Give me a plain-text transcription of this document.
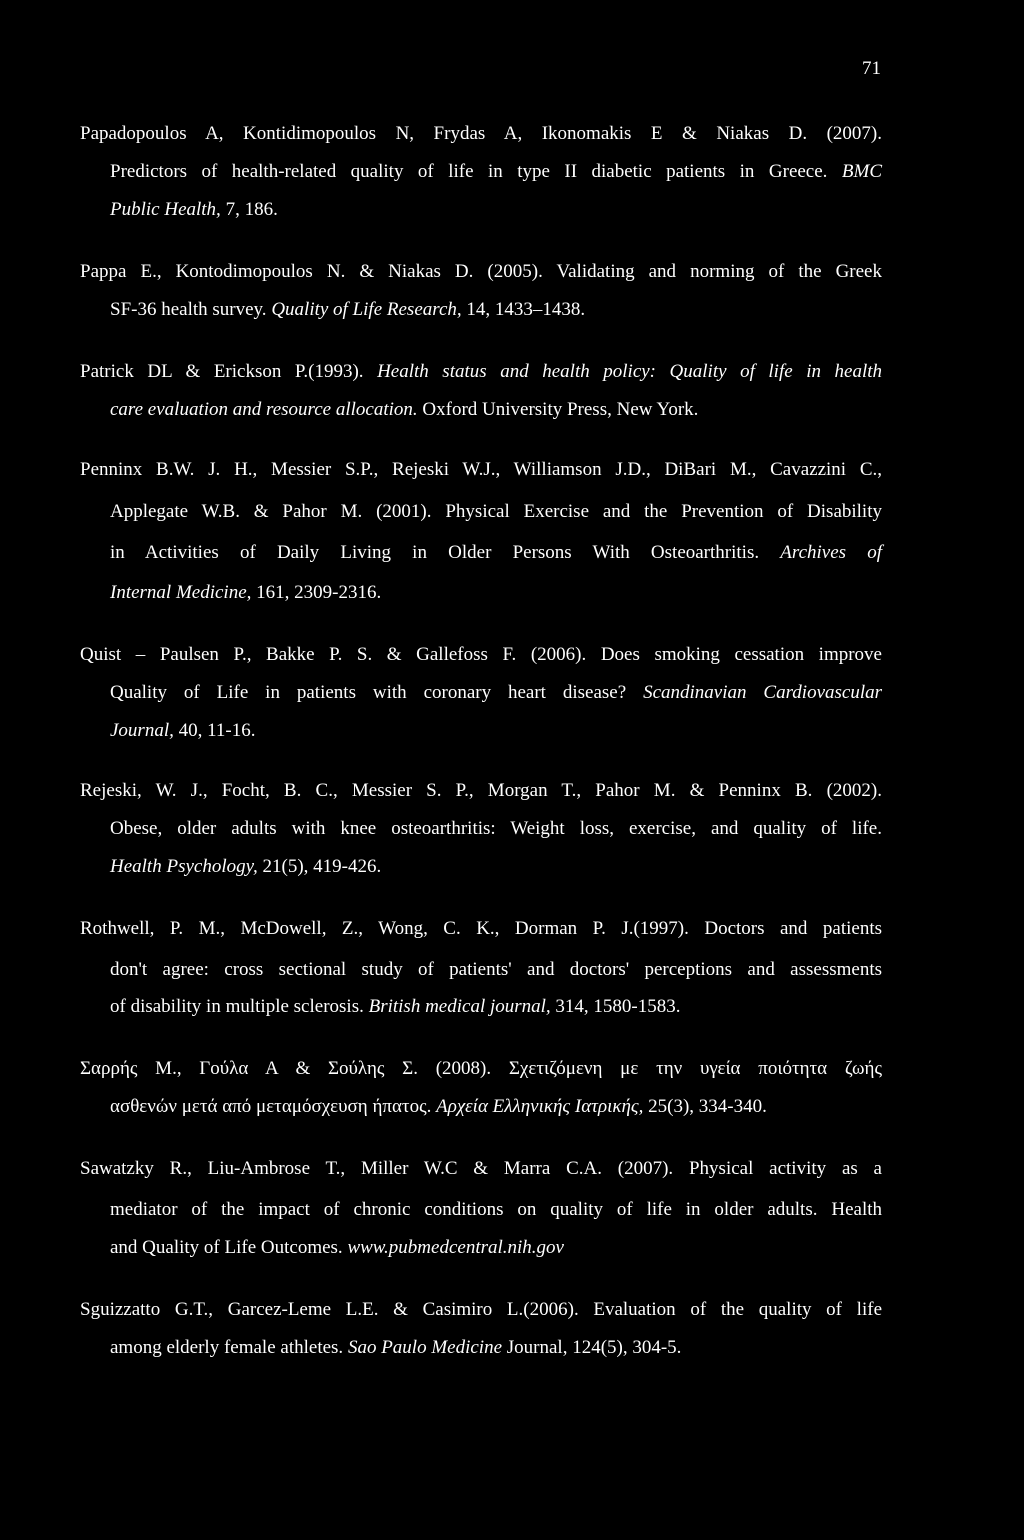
71
Papadopoulos A, Kontidimopoulos N, Frydas A, Ikonomakis E & Niakas D. (2007).
Predictors of health-related quality of life in type II diabetic patients in Greece. BMC
Public Health, 7, 186.
Pappa E., Kontodimopoulos N. & Niakas D. (2005). Validating and norming of the Greek
SF-36 health survey. Quality of Life Research, 14, 1433–1438.
Patrick DL & Erickson P.(1993). Health status and health policy: Quality of life in health
care evaluation and resource allocation. Oxford University Press, New York.
Penninx B.W. J. H., Messier S.P., Rejeski W.J., Williamson J.D., DiBari M., Cavazzini C.,
Applegate W.B. & Pahor M. (2001). Physical Exercise and the Prevention of Disability
in Activities of Daily Living in Older Persons With Osteoarthritis. Archives of
Internal Medicine, 161, 2309-2316.
Quist – Paulsen P., Bakke P. S. & Gallefoss F. (2006). Does smoking cessation improve
Quality of Life in patients with coronary heart disease? Scandinavian Cardiovascular
Journal, 40, 11-16.
Rejeski, W. J., Focht, B. C., Messier S. P., Morgan T., Pahor M. & Penninx B. (2002).
Obese, older adults with knee osteoarthritis: Weight loss, exercise, and quality of life.
Health Psychology, 21(5), 419-426.
Rothwell, P. M., McDowell, Z., Wong, C. K., Dorman P. J.(1997). Doctors and patients
don't agree: cross sectional study of patients' and doctors' perceptions and assessments
of disability in multiple sclerosis. British medical journal, 314, 1580-1583.
Σαρρής Μ., Γούλα Α & Σούλης Σ. (2008). Σχετιζόμενη με την υγεία ποιότητα ζωής
ασθενών μετά από μεταμόσχευση ήπατος. Αρχεία Ελληνικής Ιατρικής, 25(3), 334-340.
Sawatzky R., Liu-Ambrose T., Miller W.C & Marra C.A. (2007). Physical activity as a
mediator of the impact of chronic conditions on quality of life in older adults. Health
and Quality of Life Outcomes. www.pubmedcentral.nih.gov
Sguizzatto G.T., Garcez-Leme L.E. & Casimiro L.(2006). Evaluation of the quality of life
among elderly female athletes. Sao Paulo Medicine Journal, 124(5), 304-5.
